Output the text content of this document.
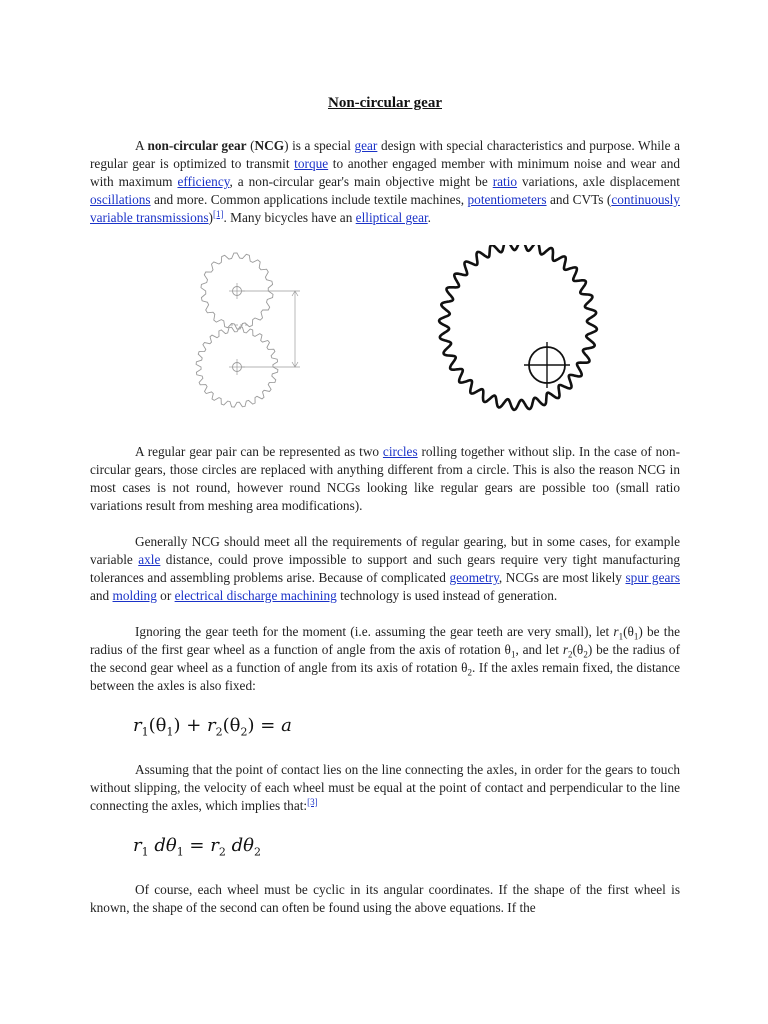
Non-circular gear

A non-circular gear (NCG) is a special gear design with special characteristics and purpose. While a regular gear is optimized to transmit torque to another engaged member with minimum noise and wear and with maximum efficiency, a non-circular gear's main objective might be ratio variations, axle displacement oscillations and more. Common applications include textile machines, potentiometers and CVTs (continuously variable transmissions)[1]. Many bicycles have an elliptical gear.

A regular gear pair can be represented as two circles rolling together without slip. In the case of non-circular gears, those circles are replaced with anything different from a circle. This is also the reason NCG in most cases is not round, however round NCGs looking like regular gears are possible too (small ratio variations result from meshing area modifications).

Generally NCG should meet all the requirements of regular gearing, but in some cases, for example variable axle distance, could prove impossible to support and such gears require very tight manufacturing tolerances and assembling problems arise. Because of complicated geometry, NCGs are most likely spur gears and molding or electrical discharge machining technology is used instead of generation.

Ignoring the gear teeth for the moment (i.e. assuming the gear teeth are very small), let $r_1(\theta_1)$ be the radius of the first gear wheel as a function of angle from the axis of rotation $\theta_1$, and let $r_2(\theta_2)$ be the radius of the second gear wheel as a function of angle from its axis of rotation $\theta_2$. If the axles remain fixed, the distance between the axles is also fixed:

$r_1(\theta_1) + r_2(\theta_2) = a$

Assuming that the point of contact lies on the line connecting the axles, in order for the gears to touch without slipping, the velocity of each wheel must be equal at the point of contact and perpendicular to the line connecting the axles, which implies that:[3]

$r_1$ $d\theta_1 = r_2$ $d\theta_2$

Of course, each wheel must be cyclic in its angular coordinates. If the shape of the first wheel is known, the shape of the second can often be found using the above equations. If the
